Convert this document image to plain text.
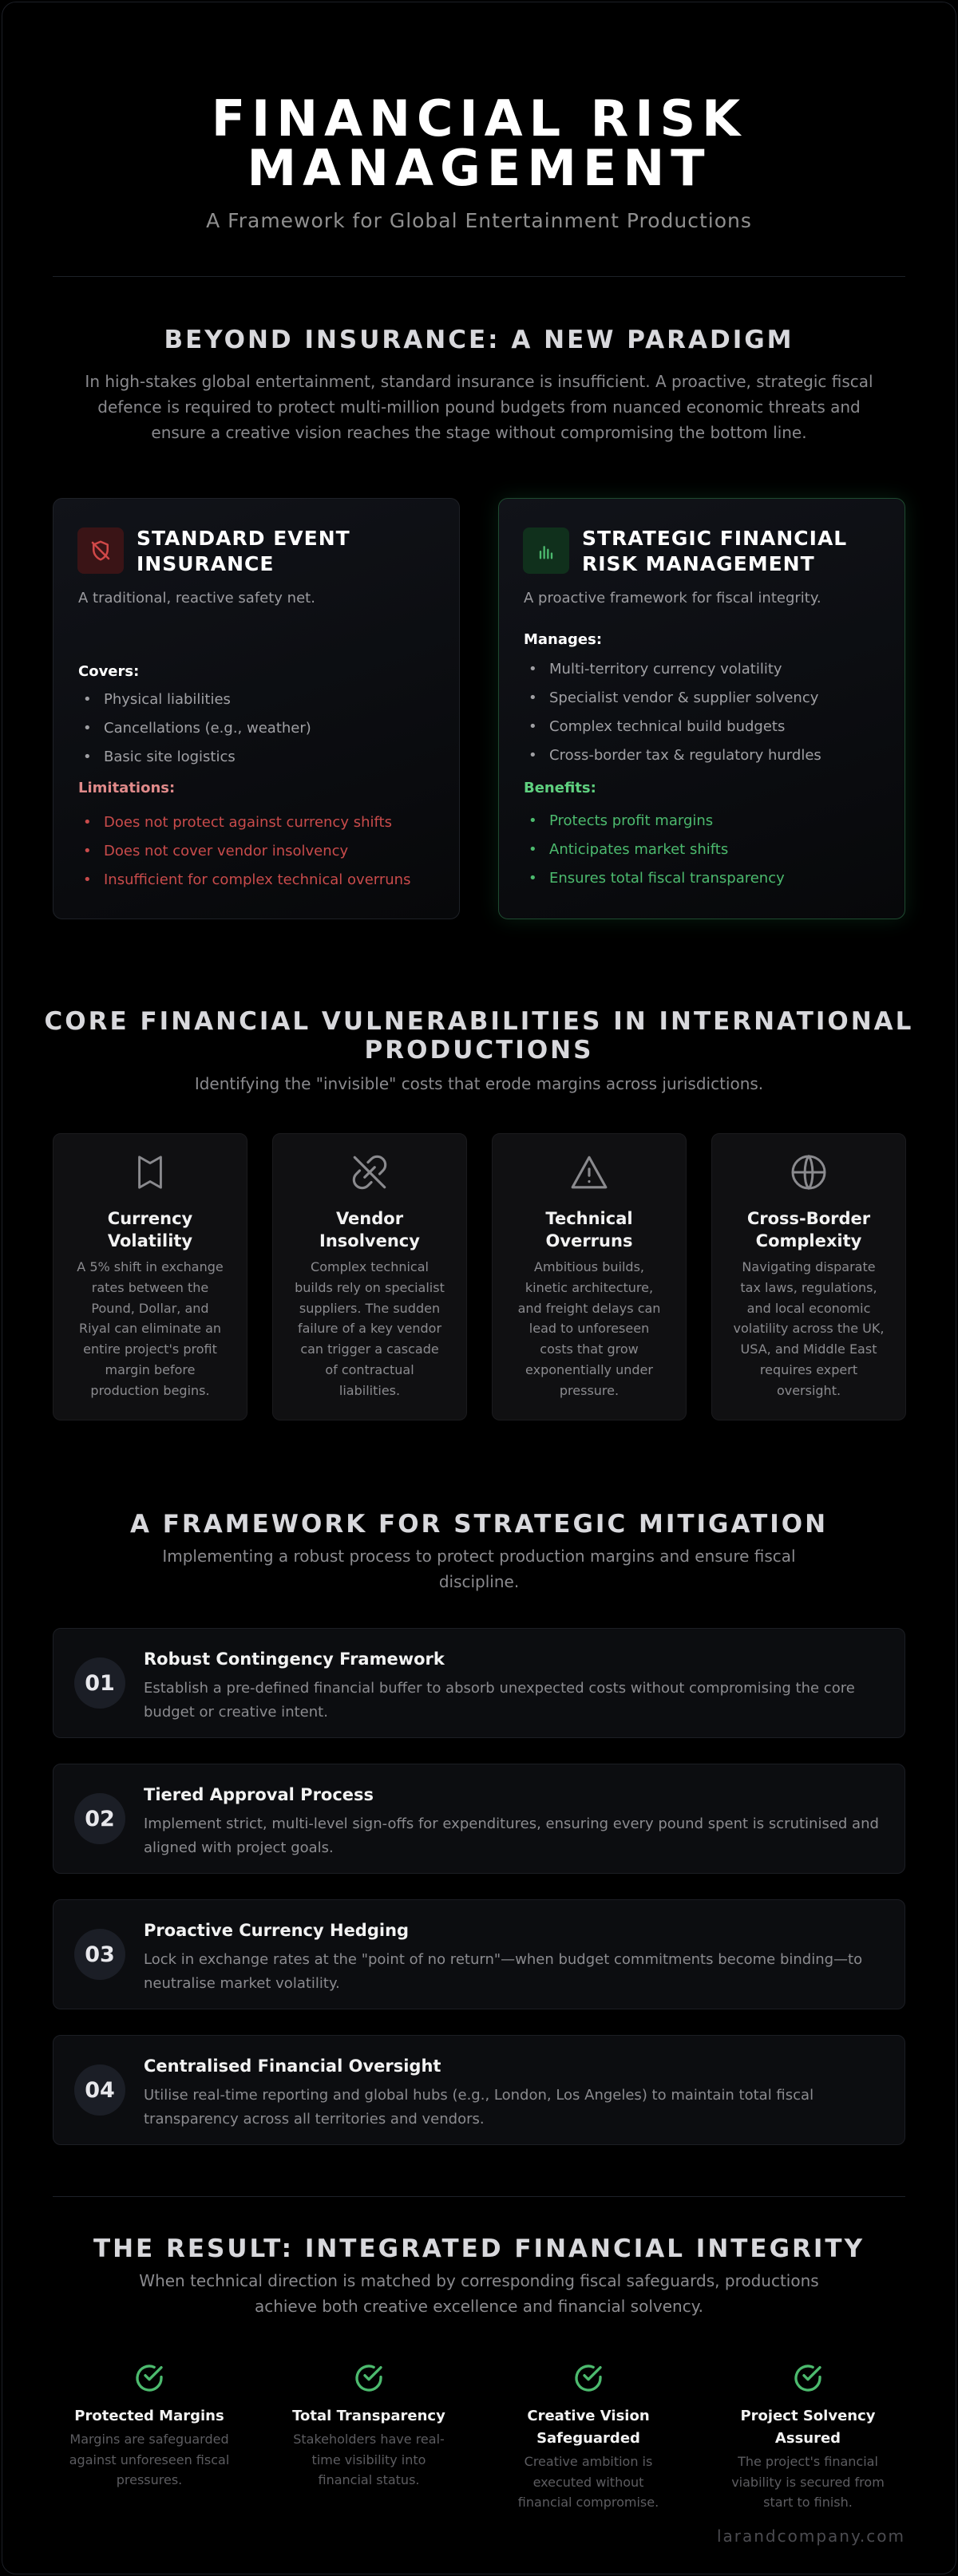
FINANCIAL RISK
MANAGEMENT
A Framework for Global Entertainment Productions
BEYOND INSURANCE: A NEW PARADIGM
In high-stakes global entertainment, standard insurance is insufficient. A proactive, strategic fiscal
defence is required to protect multi-million pound budgets from nuanced economic threats and
ensure a creative vision reaches the stage without compromising the bottom line.
STANDARD EVENT
INSURANCE
A traditional, reactive safety net.
Covers:
• Physical liabilities
• Cancellations (e.g., weather)
• Basic site logistics
Limitations:
• Does not protect against currency shifts
• Does not cover vendor insolvency
• Insufficient for complex technical overruns
STRATEGIC FINANCIAL
RISK MANAGEMENT
A proactive framework for fiscal integrity.
Manages:
• Multi-territory currency volatility
• Specialist vendor & supplier solvency
• Complex technical build budgets
• Cross-border tax & regulatory hurdles
Benefits:
• Protects profit margins
• Anticipates market shifts
• Ensures total fiscal transparency
CORE FINANCIAL VULNERABILITIES IN INTERNATIONAL
PRODUCTIONS
Identifying the "invisible" costs that erode margins across jurisdictions.
Currency
Volatility

A 5% shift in exchange rates between the Pound, Dollar, and Riyal can eliminate an entire project's profit margin before production begins.

Vendor
Insolvency

Complex technical builds rely on specialist suppliers. The sudden failure of a key vendor can trigger a cascade of contractual liabilities.

Technical
Overruns

Ambitious builds, kinetic architecture, and freight delays can lead to unforeseen costs that grow exponentially under pressure.

Cross-Border
Complexity

Navigating disparate tax laws, regulations, and local economic volatility across the UK, USA, and Middle East requires expert oversight.

A FRAMEWORK FOR STRATEGIC MITIGATION
Implementing a robust process to protect production margins and ensure fiscal
discipline.
01
Robust Contingency Framework

Establish a pre-defined financial buffer to absorb unexpected costs without compromising the core
budget or creative intent.

02
Tiered Approval Process

Implement strict, multi-level sign-offs for expenditures, ensuring every pound spent is scrutinised and
aligned with project goals.

03
Proactive Currency Hedging

Lock in exchange rates at the "point of no return"—when budget commitments become binding—to
neutralise market volatility.

04
Centralised Financial Oversight

Utilise real-time reporting and global hubs (e.g., London, Los Angeles) to maintain total fiscal
transparency across all territories and vendors.

THE RESULT: INTEGRATED FINANCIAL INTEGRITY
When technical direction is matched by corresponding fiscal safeguards, productions
achieve both creative excellence and financial solvency.
Protected Margins

Margins are safeguarded
against unforeseen fiscal
pressures.

Total Transparency

Stakeholders have real-
time visibility into
financial status.

Creative Vision
Safeguarded

Creative ambition is
executed without
financial compromise.

Project Solvency
Assured

The project's financial
viability is secured from
start to finish.

larandcompany.com
